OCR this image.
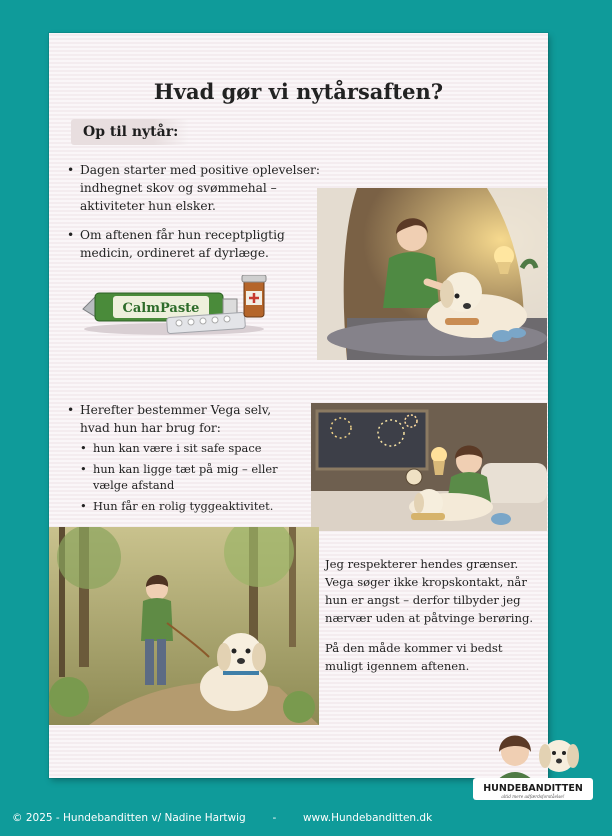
Hvad gør vi nytårsaften?
Op til nytår:
• Dagen starter med positive oplevelser: indhegnet skov og svømmehal – aktiviteter hun elsker.
• Om aftenen får hun receptpligtig medicin, ordineret af dyrlæge.
CalmPaste
• Herefter bestemmer Vega selv, hvad hun har brug for:
• hun kan være i sit safe space
• hun kan ligge tæt på mig – eller vælge afstand
• Hun får en rolig tyggeaktivitet.

Jeg respekterer hendes grænser. Vega søger ikke kropskontakt, når hun er angst – derfor tilbyder jeg nærvær uden at påtvinge berøring.

På den måde kommer vi bedst muligt igennem aftenen.

HUNDEBANDITTEN
altid mere adfærdsforståelse!
© 2025 - Hundebanditten v/ Nadine Hartwig	-	www.Hundebanditten.dk
